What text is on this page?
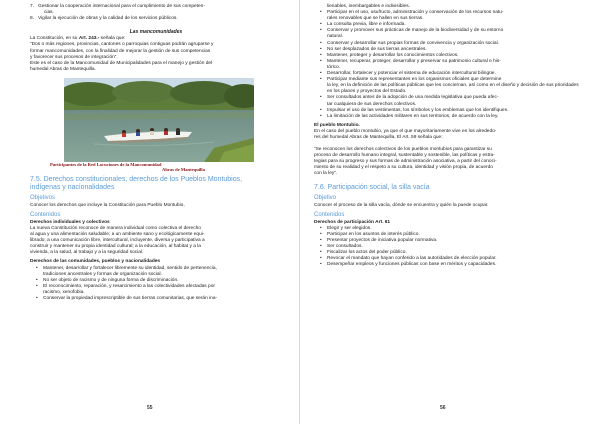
7. Gestionar la cooperación internacional para el cumplimiento de sus competen-
cias.
8. Vigilar la ejecución de obras y la calidad de los servicios públicos.

Las mancomunidades

La Constitución, en su Art. 243.- señala que:

“Dos o más regiones, provincias, cantones o parroquias contiguas podrán agruparse y

formar mancomunidades, con la finalidad de mejorar la gestión de sus competencias

y favorecer sus procesos de integración”.

Este es el caso de la Mancomunidad de Municipalidades para el manejo y gestión del

humedal Abras de Mantequilla.

Participantes de la Red Locuciones de la Mancomunidad
Abras de Mantequilla

7.5. Derechos constitucionales, derechos de los Pueblos Montubios,
indígenas y nacionalidades

Objetivos

Conocer los derechos que incluye la Constitución para Pueblo Montubio,

Contenidos

Derechos individuales y colectivos

La nueva Constitución reconoce de manera individual como colectiva el derecho

al agua y una alimentación saludable; a un ambiente sano y ecológicamente equi-

librado; a una comunicación libre, intercultural, incluyente, diversa y participativa a

construir y mantener su propia identidad cultural; a la educación, al habitat y a la

vivienda, a la salud, al trabajo y a la seguridad social.

Derechos de las comunidades, pueblos y nacionalidades

•	Mantener, desarrollar y fortalecer libremente su identidad, sentido de pertenencia,
tradiciones ancestrales y formas de organización social.
•	No ser objeto de racismo y de ninguna forma de discriminación.
•	El reconocimiento, reparación, y resarcimiento a las colectividades afectadas por
racismo, xenofobia.
•	Conservar la propiedad imprescriptible de sus tierras comunitarias, que serán ina-
55
lienables, inembargables e indivisibles.
•	Participar en el uso, usufructo, administración y conservación de los recursos natu-
rales renovables que se hallen en sus tierras.
•	La consulta previa, libre e informada.
•	Conservar y promover sus prácticas de manejo de la biodiversidad y de su entorno
natural.
•	Conservar y desarrollar sus propias formas de convivencia y organización social.
•	No ser desplazados de sus tierras ancestrales.
•	Mantener, proteger y desarrollar los conocimientos colectivos.
•	Mantener, recuperar, proteger, desarrollar y preservar su patrimonio cultural e his-
tórico.
•	Desarrollar, fortalecer y potenciar el sistema de educación intercultural bilingüe.
•	Participar mediante sus representantes en los organismos oficiales que determine
la ley, en la definición de las políticas públicas que les conciernan, así como en el diseño y decisión de sus prioridades en los planes y proyectos del Estado.
•	Ser consultados antes de la adopción de una medida legislativa que pueda afec-
tar cualquiera de sus derechos colectivos.
•	Impulsar el uso de las vestimentas, los símbolos y los emblemas que los identifiquen.
•	La limitación de las actividades militares en sus territorios, de acuerdo con la ley.

El pueblo Montubio.

En el caso del pueblo montubio, ya que el que mayoritariamente vive en los alrededo-

res del humedal Abras de Mantequilla, El Art. 59 señala que:

“Se reconocen los derechos colectivos de los pueblos montubios para garantizar su

proceso de desarrollo humano integral, sustentable y sostenible, las políticas y estra-

tegias para su progreso y sus formas de administración asociativa, a partir del conoci-

miento de su realidad y el respeto a su cultura, identidad y visión propia, de acuerdo

con la ley”.

7.6. Participación social, la silla vacía

Objetivo

Conocer el proceso de la silla vacía, dónde se encuentra y quién la puede ocupar.

Contenidos

Derechos de participación Art. 61

•	Elegir y ser elegidos.
•	Participar en los asuntos de interés público.
•	Presentar proyectos de iniciativa popular normativa.
•	Ser consultados.
•	Fiscalizar los actos del poder público.
•	Revocar el mandato que hayan conferido a las autoridades de elección popular.
•	Desempeñar empleos y funciones públicas con base en méritos y capacidades.
56
